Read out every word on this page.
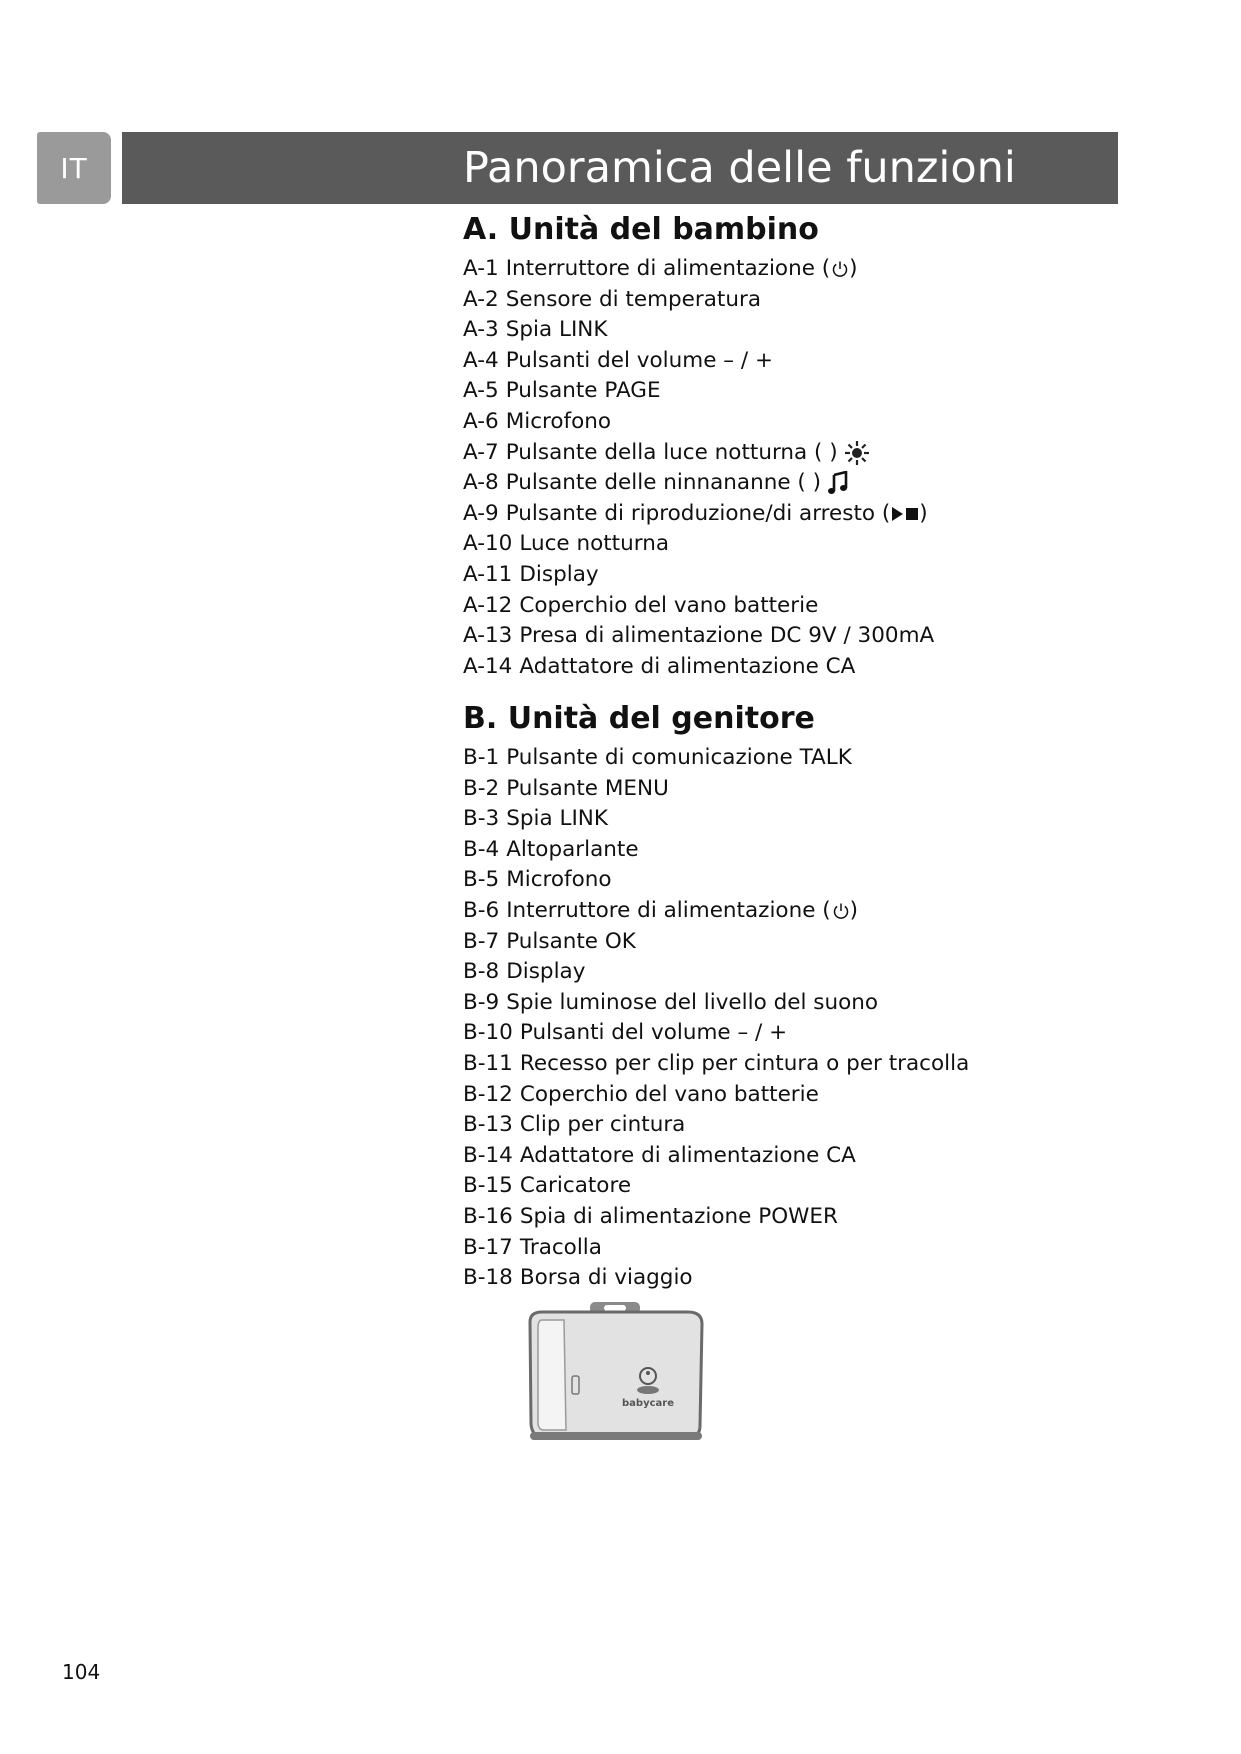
IT	Panoramica delle funzioni
A. Unità del bambino
A-1 Interruttore di alimentazione ( )
A-2 Sensore di temperatura
A-3 Spia LINK
A-4 Pulsanti del volume – / +
A-5 Pulsante PAGE
A-6 Microfono
A-7 Pulsante della luce notturna ( )
A-8 Pulsante delle ninnananne ( )
A-9 Pulsante di riproduzione/di arresto ( )
A-10 Luce notturna
A-11 Display
A-12 Coperchio del vano batterie
A-13 Presa di alimentazione DC 9V / 300mA
A-14 Adattatore di alimentazione CA
B. Unità del genitore
B-1 Pulsante di comunicazione TALK
B-2 Pulsante MENU
B-3 Spia LINK
B-4 Altoparlante
B-5 Microfono
B-6 Interruttore di alimentazione ( )
B-7 Pulsante OK
B-8 Display
B-9 Spie luminose del livello del suono
B-10 Pulsanti del volume – / +
B-11 Recesso per clip per cintura o per tracolla
B-12 Coperchio del vano batterie
B-13 Clip per cintura
B-14 Adattatore di alimentazione CA
B-15 Caricatore
B-16 Spia di alimentazione POWER
B-17 Tracolla
B-18 Borsa di viaggio
babycare
104
